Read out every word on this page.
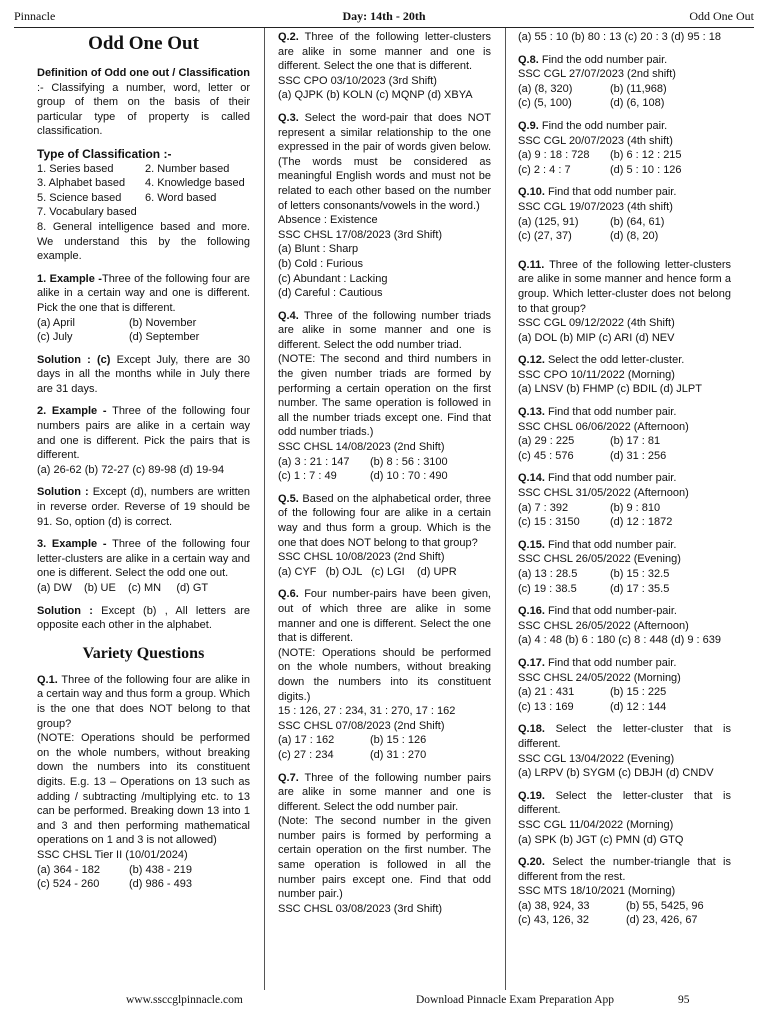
Pinnacle	Day: 14th - 20th	Odd One Out
Odd One Out
Definition of Odd one out / Classification :- Classifying a number, word, letter or group of them on the basis of their particular type of property is called classification.
Type of Classification :-
1. Series based	2. Number based
3. Alphabet based	4. Knowledge based
5. Science based	6. Word based
7. Vocabulary based
8. General intelligence based and more. We understand this by the following example.
1. Example -Three of the following four are alike in a certain way and one is different. Pick the one that is different.
(a) April	(b) November
(c) July	(d) September
Solution : (c) Except July, there are 30 days in all the months while in July there are 31 days.
2. Example - Three of the following four numbers pairs are alike in a certain way and one is different. Pick the pairs that is different.
(a) 26-62 (b) 72-27 (c) 89-98 (d) 19-94
Solution : Except (d), numbers are written in reverse order. Reverse of 19 should be 91. So, option (d) is correct.
3. Example - Three of the following four letter-clusters are alike in a certain way and one is different. Select the odd one out.
(a) DW    (b) UE    (c) MN     (d) GT
Solution : Except (b) , All letters are opposite each other in the alphabet.
Variety Questions
Q.1. Three of the following four are alike in a certain way and thus form a group. Which is the one that does NOT belong to that group?
(NOTE: Operations should be performed on the whole numbers, without breaking down the numbers into its constituent digits. E.g. 13 – Operations on 13 such as adding / subtracting /multiplying etc. to 13 can be performed. Breaking down 13 into 1 and 3 and then performing mathematical operations on 1 and 3 is not allowed)
SSC CHSL Tier II (10/01/2024)
(a) 364 - 182	(b) 438 - 219
(c) 524 - 260	(d) 986 - 493
Q.2. Three of the following letter-clusters are alike in some manner and one is different. Select the one that is different.
SSC CPO 03/10/2023 (3rd Shift)
(a) QJPK (b) KOLN (c) MQNP (d) XBYA
Q.3. Select the word-pair that does NOT represent a similar relationship to the one expressed in the pair of words given below.(The words must be considered as meaningful English words and must not be related to each other based on the number of letters consonants/vowels in the word.)
Absence : Existence
SSC CHSL 17/08/2023 (3rd Shift)
(a) Blunt : Sharp
(b) Cold : Furious
(c) Abundant : Lacking
(d) Careful : Cautious
Q.4. Three of the following number triads are alike in some manner and one is different. Select the odd number triad.
(NOTE: The second and third numbers in the given number triads are formed by performing a certain operation on the first number. The same operation is followed in all the number triads except one. Find that odd number triads.)
SSC CHSL 14/08/2023 (2nd Shift)
(a) 3 : 21 : 147	(b) 8 : 56 : 3100
(c) 1 : 7 : 49	(d) 10 : 70 : 490
Q.5. Based on the alphabetical order, three of the following four are alike in a certain way and thus form a group. Which is the one that does NOT belong to that group?
SSC CHSL 10/08/2023 (2nd Shift)
(a) CYF   (b) OJL   (c) LGI    (d) UPR
Q.6. Four number-pairs have been given, out of which three are alike in some manner and one is different. Select the one that is different.
(NOTE: Operations should be performed on the whole numbers, without breaking down the numbers into its constituent digits.)
15 : 126, 27 : 234, 31 : 270, 17 : 162
SSC CHSL 07/08/2023 (2nd Shift)
(a) 17 : 162	(b) 15 : 126
(c) 27 : 234	(d) 31 : 270
Q.7. Three of the following number pairs are alike in some manner and one is different. Select the odd number pair.
(Note: The second number in the given number pairs is formed by performing a certain operation on the first number. The same operation is followed in all the number pairs except one. Find that odd number pair.)
SSC CHSL 03/08/2023 (3rd Shift)
(a) 55 : 10 (b) 80 : 13 (c) 20 : 3 (d) 95 : 18
Q.8. Find the odd number pair.
SSC CGL 27/07/2023 (2nd shift)
(a) (8, 320)	(b) (11,968)
(c) (5, 100)	(d) (6, 108)
Q.9. Find the odd number pair.
SSC CGL 20/07/2023 (4th shift)
(a) 9 : 18 : 728	(b) 6 : 12 : 215
(c) 2 : 4 : 7	(d) 5 : 10 : 126
Q.10. Find that odd number pair.
SSC CGL 19/07/2023 (4th shift)
(a) (125, 91)	(b) (64, 61)
(c) (27, 37)	(d) (8, 20)
Q.11. Three of the following letter-clusters are alike in some manner and hence form a group. Which letter-cluster does not belong to that group?
SSC CGL 09/12/2022 (4th Shift)
(a) DOL (b) MIP (c) ARI (d) NEV
Q.12. Select the odd letter-cluster.
SSC CPO 10/11/2022 (Morning)
(a) LNSV (b) FHMP (c) BDIL (d) JLPT
Q.13. Find that odd number pair.
SSC CHSL 06/06/2022 (Afternoon)
(a) 29 : 225	(b) 17 : 81
(c) 45 : 576	(d) 31 : 256
Q.14. Find that odd number pair.
SSC CHSL 31/05/2022 (Afternoon)
(a) 7 : 392	(b) 9 : 810
(c) 15 : 3150	(d) 12 : 1872
Q.15. Find that odd number pair.
SSC CHSL 26/05/2022 (Evening)
(a) 13 : 28.5	(b) 15 : 32.5
(c) 19 : 38.5	(d) 17 : 35.5
Q.16. Find that odd number-pair.
SSC CHSL 26/05/2022 (Afternoon)
(a) 4 : 48 (b) 6 : 180 (c) 8 : 448 (d) 9 : 639
Q.17. Find that odd number pair.
SSC CHSL 24/05/2022 (Morning)
(a) 21 : 431	(b) 15 : 225
(c) 13 : 169	(d) 12 : 144
Q.18. Select the letter-cluster that is different.
SSC CGL 13/04/2022 (Evening)
(a) LRPV (b) SYGM (c) DBJH (d) CNDV
Q.19. Select the letter-cluster that is different.
SSC CGL 11/04/2022 (Morning)
(a) SPK (b) JGT (c) PMN (d) GTQ
Q.20. Select the number-triangle that is different from the rest.
SSC MTS 18/10/2021 (Morning)
(a) 38, 924, 33	(b) 55, 5425, 96
(c) 43, 126, 32	(d) 23, 426, 67
www.ssccglpinnacle.com	Download Pinnacle Exam Preparation App	95
